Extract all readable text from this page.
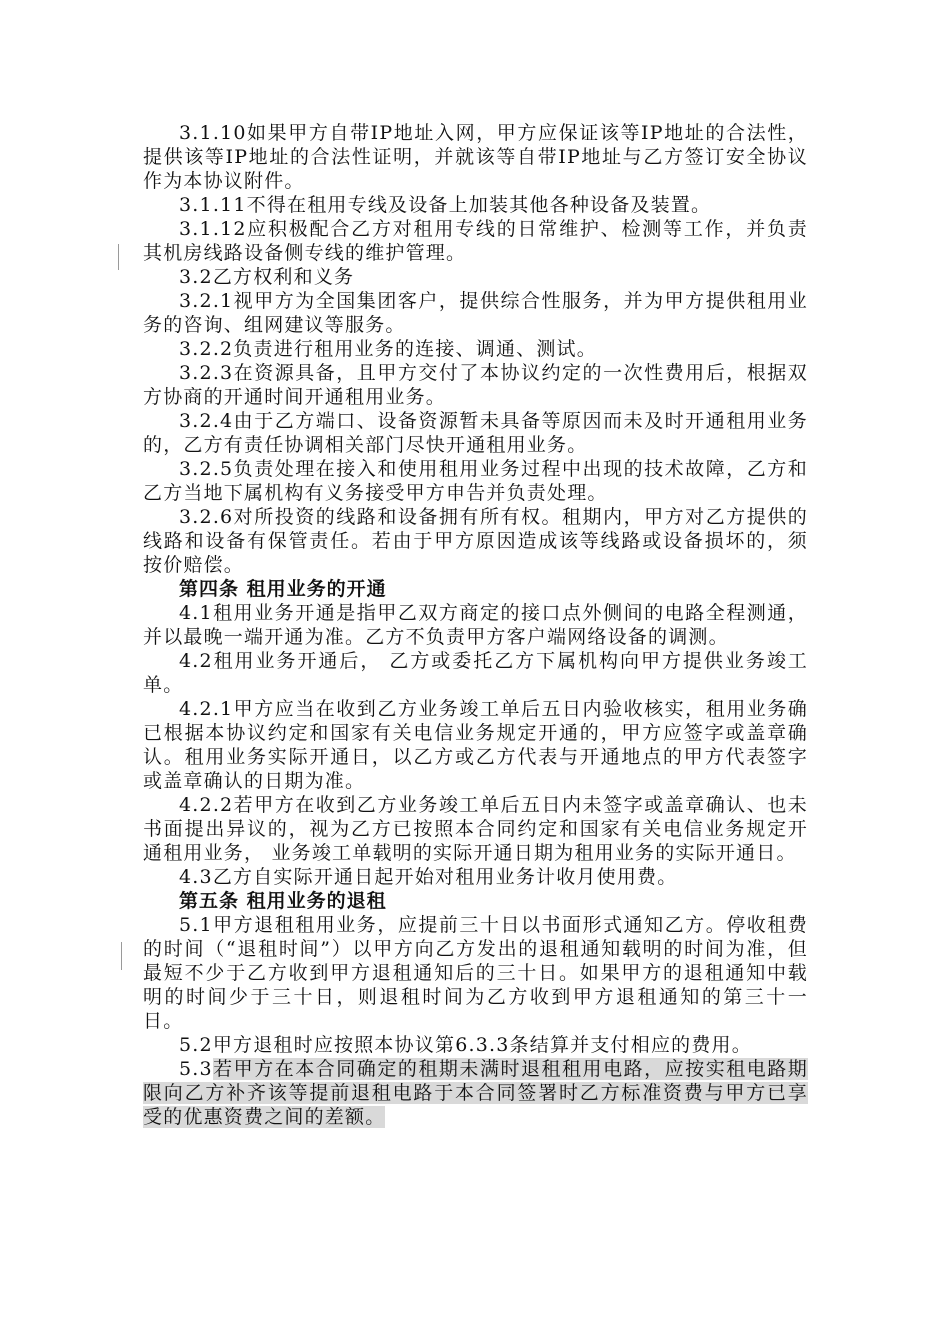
3.1.10如果甲方自带IP地址入网，甲方应保证该等IP地址的合法性，提供该等IP地址的合法性证明，并就该等自带IP地址与乙方签订安全协议作为本协议附件。

3.1.11不得在租用专线及设备上加装其他各种设备及装置。

3.1.12应积极配合乙方对租用专线的日常维护、检测等工作，并负责其机房线路设备侧专线的维护管理。

3.2乙方权利和义务

3.2.1视甲方为全国集团客户，提供综合性服务，并为甲方提供租用业务的咨询、组网建议等服务。

3.2.2负责进行租用业务的连接、调通、测试。

3.2.3在资源具备，且甲方交付了本协议约定的一次性费用后，根据双方协商的开通时间开通租用业务。

3.2.4由于乙方端口、设备资源暂未具备等原因而未及时开通租用业务的，乙方有责任协调相关部门尽快开通租用业务。

3.2.5负责处理在接入和使用租用业务过程中出现的技术故障，乙方和乙方当地下属机构有义务接受甲方申告并负责处理。

3.2.6对所投资的线路和设备拥有所有权。租期内，甲方对乙方提供的线路和设备有保管责任。若由于甲方原因造成该等线路或设备损坏的，须按价赔偿。

第四条 租用业务的开通

4.1租用业务开通是指甲乙双方商定的接口点外侧间的电路全程测通，并以最晚一端开通为准。乙方不负责甲方客户端网络设备的调测。

4.2租用业务开通后， 乙方或委托乙方下属机构向甲方提供业务竣工单。

4.2.1甲方应当在收到乙方业务竣工单后五日内验收核实，租用业务确已根据本协议约定和国家有关电信业务规定开通的，甲方应签字或盖章确认。租用业务实际开通日，以乙方或乙方代表与开通地点的甲方代表签字或盖章确认的日期为准。

4.2.2若甲方在收到乙方业务竣工单后五日内未签字或盖章确认、也未书面提出异议的，视为乙方已按照本合同约定和国家有关电信业务规定开通租用业务， 业务竣工单载明的实际开通日期为租用业务的实际开通日。

4.3乙方自实际开通日起开始对租用业务计收月使用费。

第五条 租用业务的退租

5.1甲方退租租用业务，应提前三十日以书面形式通知乙方。停收租费的时间（“退租时间”）以甲方向乙方发出的退租通知载明的时间为准，但最短不少于乙方收到甲方退租通知后的三十日。如果甲方的退租通知中载明的时间少于三十日，则退租时间为乙方收到甲方退租通知的第三十一日。

5.2甲方退租时应按照本协议第6.3.3条结算并支付相应的费用。

5.3若甲方在本合同确定的租期未满时退租租用电路，应按实租电路期限向乙方补齐该等提前退租电路于本合同签署时乙方标准资费与甲方已享受的优惠资费之间的差额。
